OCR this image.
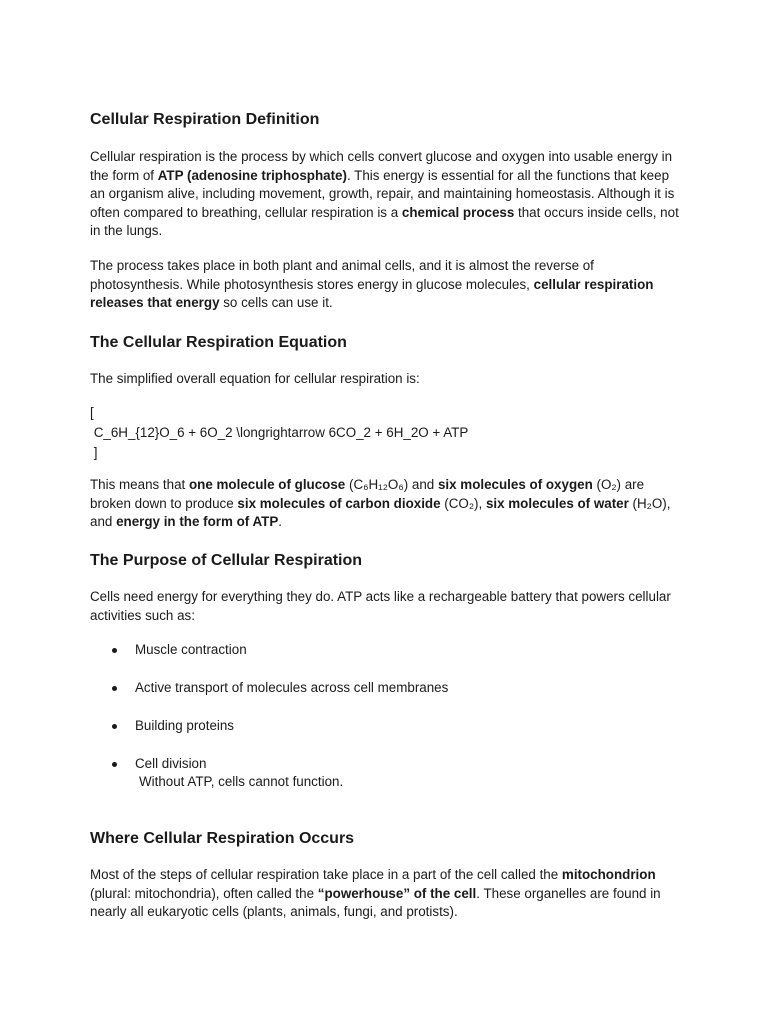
Cellular Respiration Definition

Cellular respiration is the process by which cells convert glucose and oxygen into usable energy in the form of ATP (adenosine triphosphate). This energy is essential for all the functions that keep an organism alive, including movement, growth, repair, and maintaining homeostasis. Although it is often compared to breathing, cellular respiration is a chemical process that occurs inside cells, not in the lungs.

The process takes place in both plant and animal cells, and it is almost the reverse of photosynthesis. While photosynthesis stores energy in glucose molecules, cellular respiration releases that energy so cells can use it.

The Cellular Respiration Equation

The simplified overall equation for cellular respiration is:

[
C_6H_{12}O_6 + 6O_2 \longrightarrow 6CO_2 + 6H_2O + ATP
]

This means that one molecule of glucose (C₆H₁₂O₆) and six molecules of oxygen (O₂) are broken down to produce six molecules of carbon dioxide (CO₂), six molecules of water (H₂O), and energy in the form of ATP.

The Purpose of Cellular Respiration

Cells need energy for everything they do. ATP acts like a rechargeable battery that powers cellular activities such as:

Muscle contraction
Active transport of molecules across cell membranes
Building proteins
Cell division
Without ATP, cells cannot function.
Where Cellular Respiration Occurs

Most of the steps of cellular respiration take place in a part of the cell called the mitochondrion (plural: mitochondria), often called the “powerhouse” of the cell. These organelles are found in nearly all eukaryotic cells (plants, animals, fungi, and protists).
